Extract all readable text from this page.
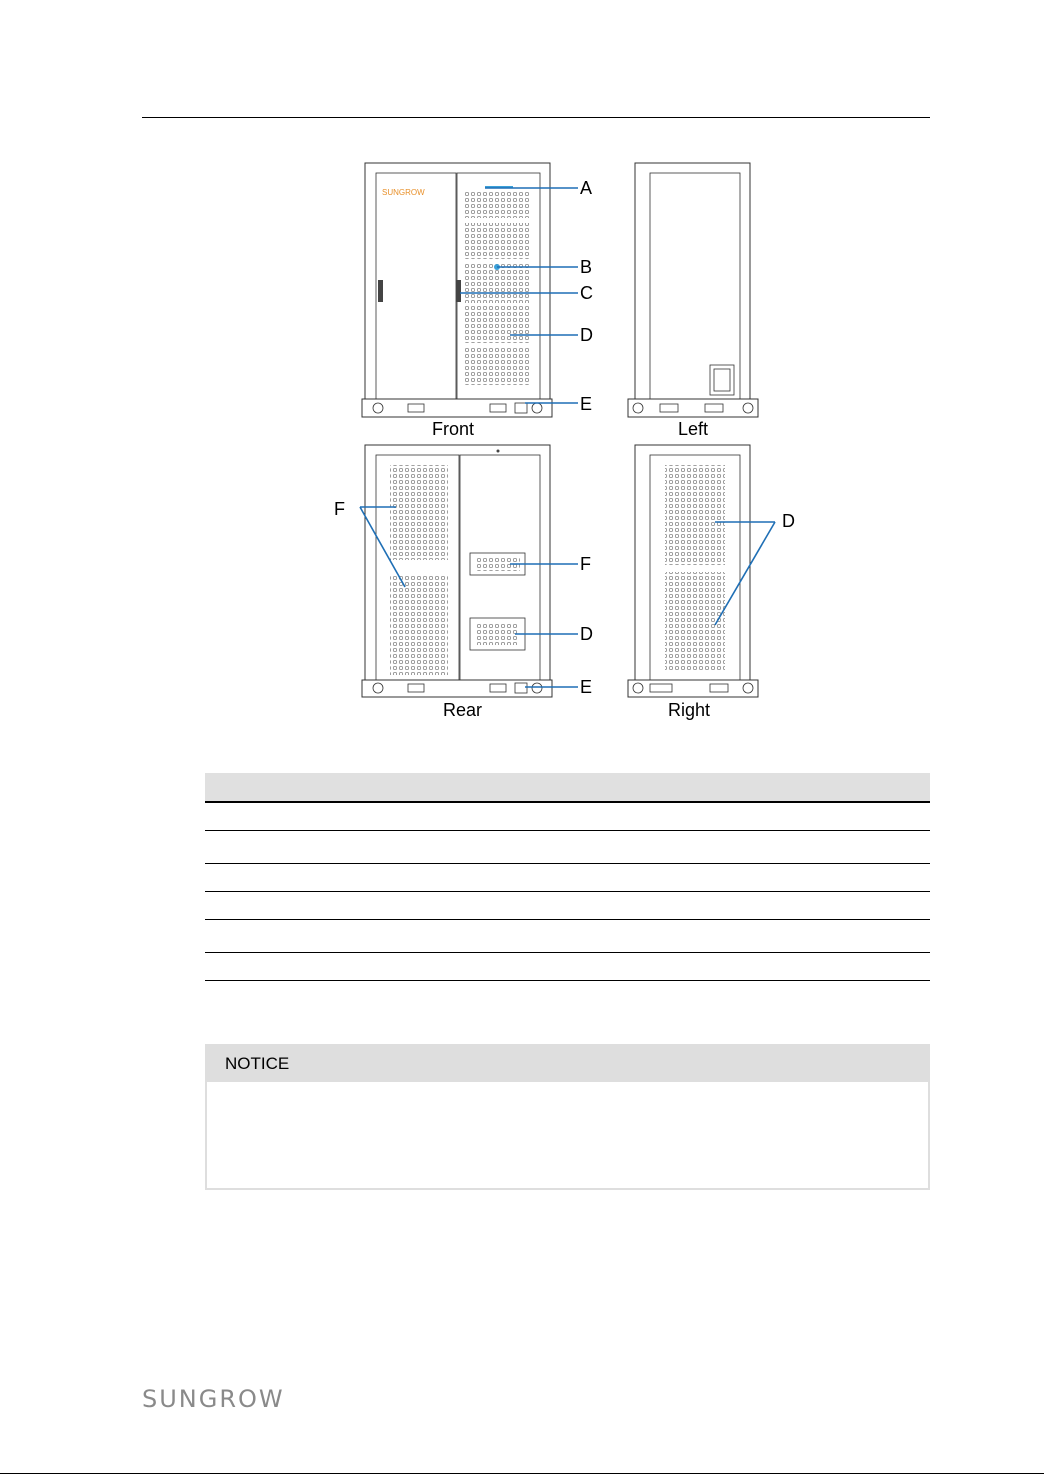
SUNGROW	A
B
C
D
E
Front	Left
F
F
D
E
Rear
D
Right
NOTICE
SUNGROW
